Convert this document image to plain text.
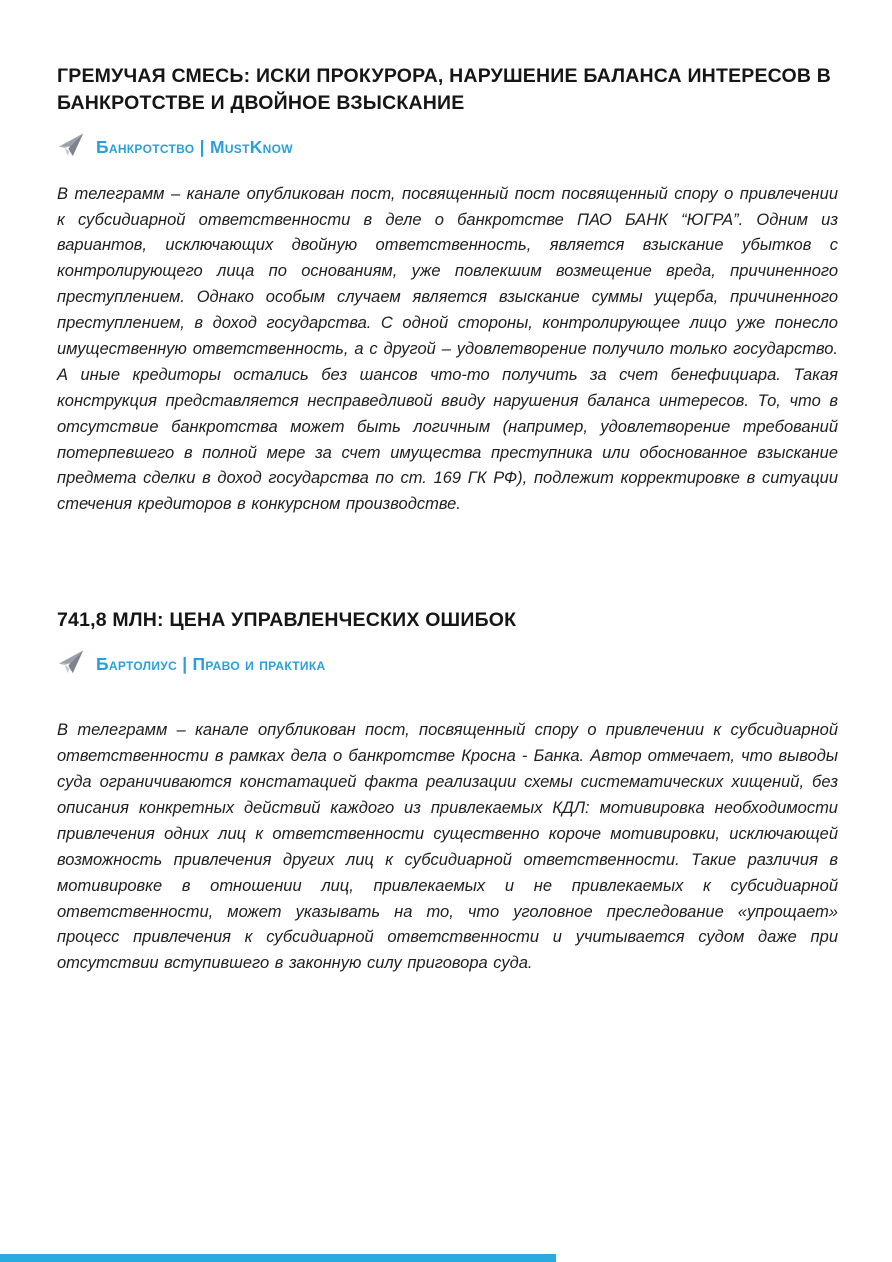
ГРЕМУЧАЯ СМЕСЬ: ИСКИ ПРОКУРОРА, НАРУШЕНИЕ БАЛАНСА ИНТЕРЕСОВ В БАНКРОТСТВЕ И ДВОЙНОЕ ВЗЫСКАНИЕ
Банкротство | MustKnow

В телеграмм – канале опубликован пост, посвященный пост посвященный спору о привлечении к субсидиарной ответственности в деле о банкротстве ПАО БАНК “ЮГРА”. Одним из вариантов, исключающих двойную ответственность, является взыскание убытков с контролирующего лица по основаниям, уже повлекшим возмещение вреда, причиненного преступлением. Однако особым случаем является взыскание суммы ущерба, причиненного преступлением, в доход государства. С одной стороны, контролирующее лицо уже понесло имущественную ответственность, а с другой – удовлетворение получило только государство. А иные кредиторы остались без шансов что-то получить за счет бенефициара. Такая конструкция представляется несправедливой ввиду нарушения баланса интересов. То, что в отсутствие банкротства может быть логичным (например, удовлетворение требований потерпевшего в полной мере за счет имущества преступника или обоснованное взыскание предмета сделки в доход государства по ст. 169 ГК РФ), подлежит корректировке в ситуации стечения кредиторов в конкурсном производстве.

741,8 МЛН: ЦЕНА УПРАВЛЕНЧЕСКИХ ОШИБОК
Бартолиус | Право и практика

В телеграмм – канале опубликован пост, посвященный спору о привлечении к субсидиарной ответственности в рамках дела о банкротстве Кросна - Банка. Автор отмечает, что выводы суда ограничиваются констатацией факта реализации схемы систематических хищений, без описания конкретных действий каждого из привлекаемых КДЛ: мотивировка необходимости привлечения одних лиц к ответственности существенно короче мотивировки, исключающей возможность привлечения других лиц к субсидиарной ответственности. Такие различия в мотивировке в отношении лиц, привлекаемых и не привлекаемых к субсидиарной ответственности, может указывать на то, что уголовное преследование «упрощает» процесс привлечения к субсидиарной ответственности и учитывается судом даже при отсутствии вступившего в законную силу приговора суда.
